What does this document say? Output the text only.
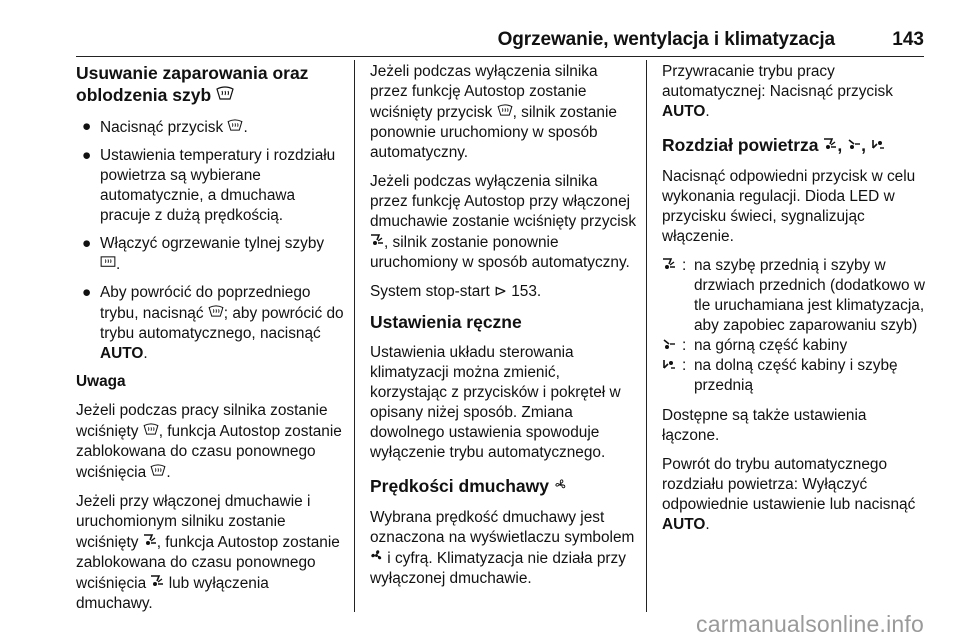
Ogrzewanie, wentylacja i klimatyzacja	143
Usuwanie zaparowania oraz
oblodzenia szyb
● Nacisnąć przycisk .
● Ustawienia temperatury i rozdziału powietrza są wybierane automatycznie, a dmuchawa pracuje z dużą prędkością.
● Włączyć ogrzewanie tylnej szyby .
● Aby powrócić do poprzedniego trybu, nacisnąć ; aby powrócić do trybu automatycznego, nacisnąć AUTO.

Uwaga

Jeżeli podczas pracy silnika zostanie wciśnięty , funkcja Autostop zostanie zablokowana do czasu ponownego wciśnięcia .

Jeżeli przy włączonej dmuchawie i uruchomionym silniku zostanie wciśnięty , funkcja Autostop zostanie zablokowana do czasu ponownego wciśnięcia lub wyłączenia dmuchawy.

Jeżeli podczas wyłączenia silnika przez funkcję Autostop zostanie wciśnięty przycisk , silnik zostanie ponownie uruchomiony w sposób automatyczny.

Jeżeli podczas wyłączenia silnika przez funkcję Autostop przy włączonej dmuchawie zostanie wciśnięty przycisk , silnik zostanie ponownie uruchomiony w sposób automatyczny.

System stop-start ⊳ 153.

Ustawienia ręczne

Ustawienia układu sterowania klimatyzacji można zmienić, korzystając z przycisków i pokręteł w opisany niżej sposób. Zmiana dowolnego ustawienia spowoduje wyłączenie trybu automatycznego.

Prędkości dmuchawy

Wybrana prędkość dmuchawy jest oznaczona na wyświetlaczu symbolem  i cyfrą. Klimatyzacja nie działa przy wyłączonej dmuchawie.

Przywracanie trybu pracy automatycznej: Nacisnąć przycisk AUTO.

Rozdział powietrza , ,

Nacisnąć odpowiedni przycisk w celu wykonania regulacji. Dioda LED w przycisku świeci, sygnalizując włączenie.

: na szybę przednią i szyby w drzwiach przednich (dodatkowo w tle uruchamiana jest klimatyzacja, aby zapobiec zaparowaniu szyb)
: na górną część kabiny
: na dolną część kabiny i szybę przednią

Dostępne są także ustawienia łączone.

Powrót do trybu automatycznego rozdziału powietrza: Wyłączyć odpowiednie ustawienie lub nacisnąć AUTO.

carmanualsonline.info
